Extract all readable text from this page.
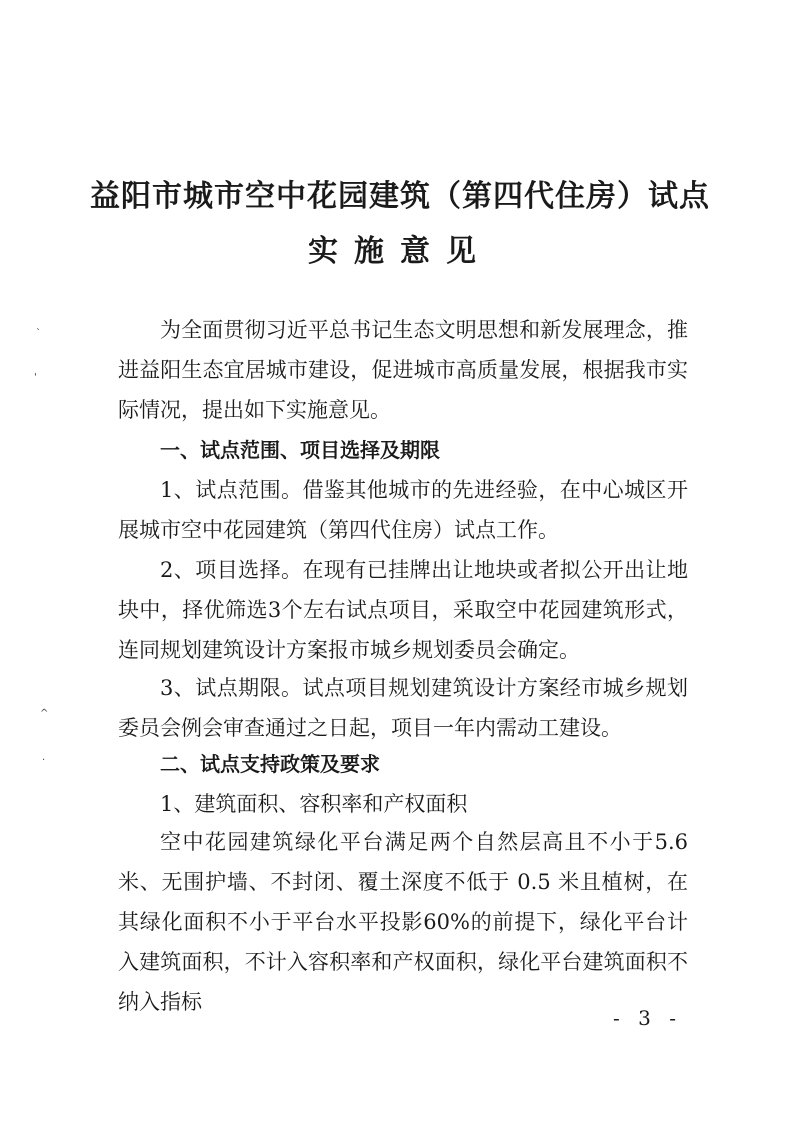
益阳市城市空中花园建筑（第四代住房）试点
实施意见
为全面贯彻习近平总书记生态文明思想和新发展理念，推进益阳生态宜居城市建设，促进城市高质量发展，根据我市实际情况，提出如下实施意见。
一、试点范围、项目选择及期限
1、试点范围。借鉴其他城市的先进经验，在中心城区开展城市空中花园建筑（第四代住房）试点工作。
2、项目选择。在现有已挂牌出让地块或者拟公开出让地块中，择优筛选3个左右试点项目，采取空中花园建筑形式，连同规划建筑设计方案报市城乡规划委员会确定。
3、试点期限。试点项目规划建筑设计方案经市城乡规划委员会例会审查通过之日起，项目一年内需动工建设。
二、试点支持政策及要求
1、建筑面积、容积率和产权面积
空中花园建筑绿化平台满足两个自然层高且不小于5.6米、无围护墙、不封闭、覆土深度不低于 0.5 米且植树，在其绿化面积不小于平台水平投影60%的前提下，绿化平台计入建筑面积，不计入容积率和产权面积，绿化平台建筑面积不纳入指标
- 3 -
`
'
^
·
